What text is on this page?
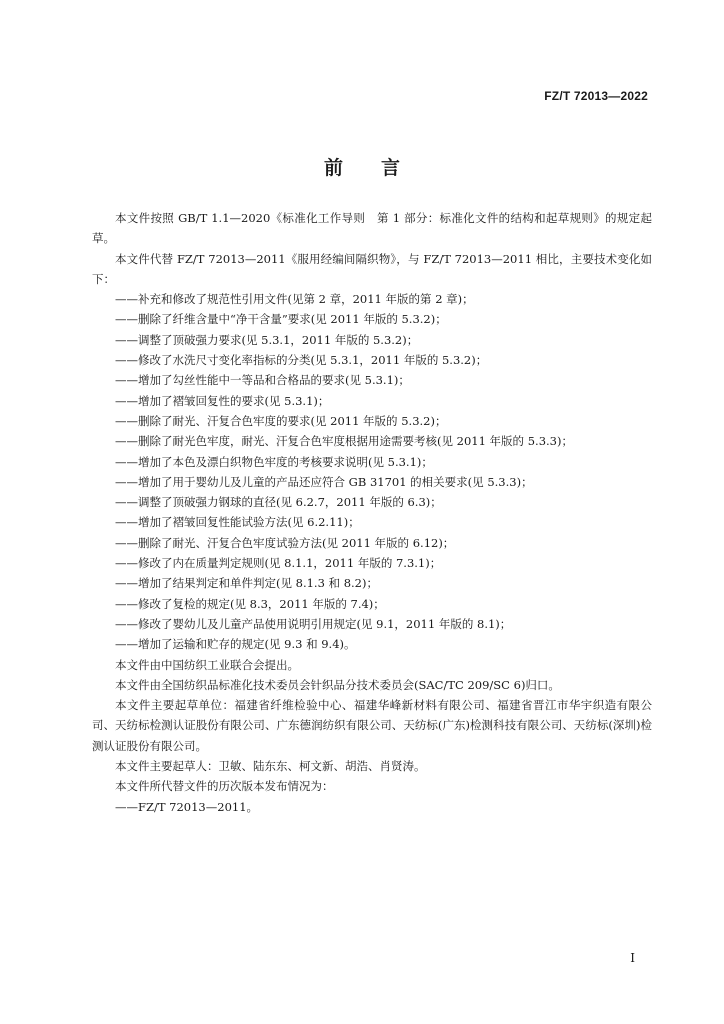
FZ/T 72013—2022
前言

本文件按照 GB/T 1.1—2020《标准化工作导则　第 1 部分：标准化文件的结构和起草规则》的规定起草。

本文件代替 FZ/T 72013—2011《服用经编间隔织物》，与 FZ/T 72013—2011 相比，主要技术变化如下：

——补充和修改了规范性引用文件(见第 2 章，2011 年版的第 2 章)；

——删除了纤维含量中“净干含量”要求(见 2011 年版的 5.3.2)；

——调整了顶破强力要求(见 5.3.1，2011 年版的 5.3.2)；

——修改了水洗尺寸变化率指标的分类(见 5.3.1，2011 年版的 5.3.2)；

——增加了勾丝性能中一等品和合格品的要求(见 5.3.1)；

——增加了褶皱回复性的要求(见 5.3.1)；

——删除了耐光、汗复合色牢度的要求(见 2011 年版的 5.3.2)；

——删除了耐光色牢度，耐光、汗复合色牢度根据用途需要考核(见 2011 年版的 5.3.3)；

——增加了本色及漂白织物色牢度的考核要求说明(见 5.3.1)；

——增加了用于婴幼儿及儿童的产品还应符合 GB 31701 的相关要求(见 5.3.3)；

——调整了顶破强力钢球的直径(见 6.2.7，2011 年版的 6.3)；

——增加了褶皱回复性能试验方法(见 6.2.11)；

——删除了耐光、汗复合色牢度试验方法(见 2011 年版的 6.12)；

——修改了内在质量判定规则(见 8.1.1，2011 年版的 7.3.1)；

——增加了结果判定和单件判定(见 8.1.3 和 8.2)；

——修改了复检的规定(见 8.3，2011 年版的 7.4)；

——修改了婴幼儿及儿童产品使用说明引用规定(见 9.1，2011 年版的 8.1)；

——增加了运输和贮存的规定(见 9.3 和 9.4)。

本文件由中国纺织工业联合会提出。

本文件由全国纺织品标准化技术委员会针织品分技术委员会(SAC/TC 209/SC 6)归口。

本文件主要起草单位：福建省纤维检验中心、福建华峰新材料有限公司、福建省晋江市华宇织造有限公司、天纺标检测认证股份有限公司、广东德润纺织有限公司、天纺标(广东)检测科技有限公司、天纺标(深圳)检测认证股份有限公司。

本文件主要起草人：卫敏、陆东东、柯文新、胡浩、肖贤涛。

本文件所代替文件的历次版本发布情况为：

——FZ/T 72013—2011。

I
